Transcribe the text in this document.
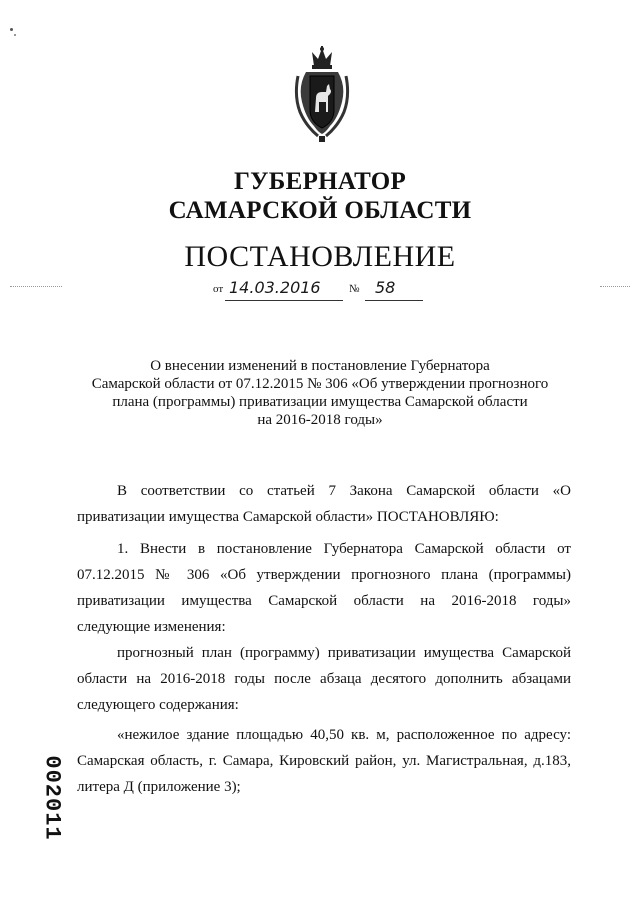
ГУБЕРНАТОР
САМАРСКОЙ ОБЛАСТИ
ПОСТАНОВЛЕНИЕ
от 14.03.2016	№ 58
О внесении изменений в постановление Губернатора
Самарской области от 07.12.2015 № 306 «Об утверждении прогнозного
плана (программы) приватизации имущества Самарской области
на 2016-2018 годы»
В соответствии со статьей 7 Закона Самарской области «О приватизации имущества Самарской области» ПОСТАНОВЛЯЮ:
1. Внести в постановление Губернатора Самарской области от 07.12.2015 № 306 «Об утверждении прогнозного плана (программы) приватизации имущества Самарской области на 2016-2018 годы» следующие изменения:
прогнозный план (программу) приватизации имущества Самарской области на 2016-2018 годы после абзаца десятого дополнить абзацами следующего содержания:
«нежилое здание площадью 40,50 кв. м, расположенное по адресу: Самарская область, г. Самара, Кировский район, ул. Магистральная, д.183, литера Д (приложение 3);
002011
